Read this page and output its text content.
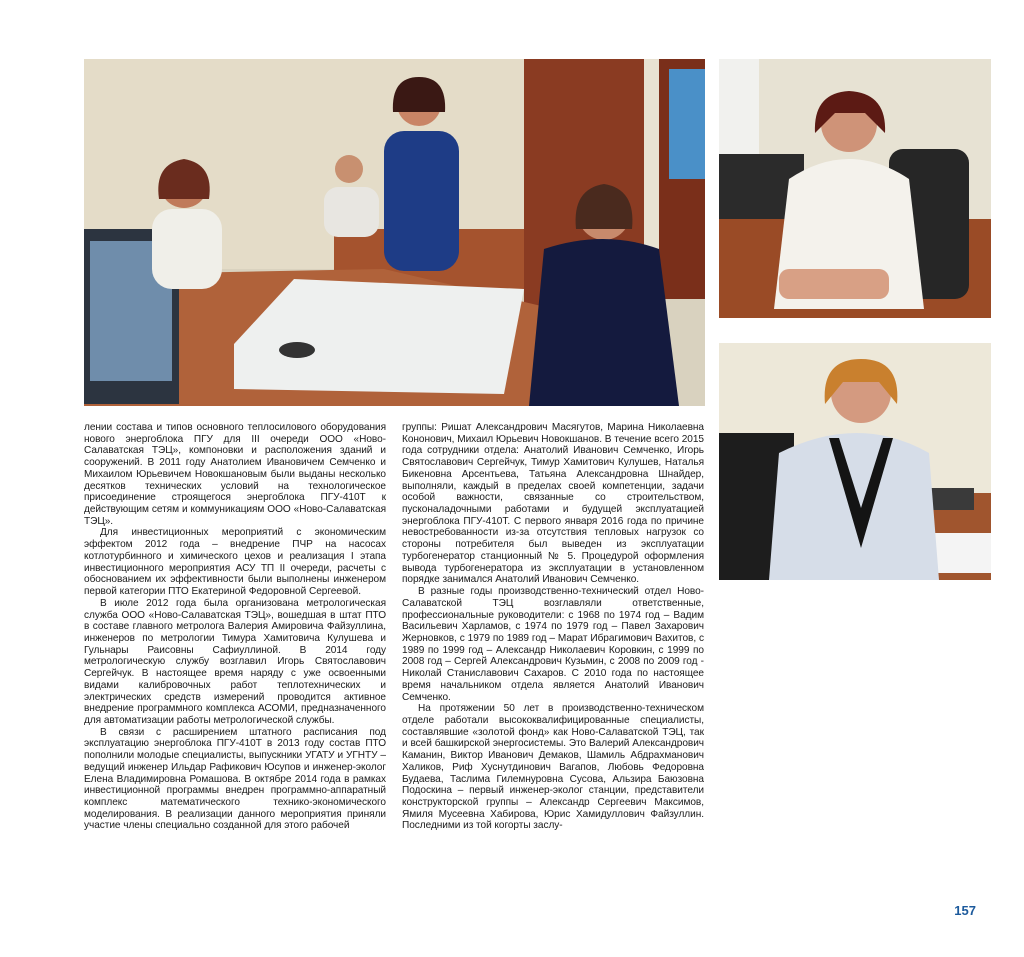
лении состава и типов основного теплосилового оборудования нового энергоблока ПГУ для III очереди ООО «Ново-Салаватская ТЭЦ», компоновки и расположения зданий и сооружений. В 2011 году Анатолием Ивановичем Семченко и Михаилом Юрьевичем Новокшановым были выданы несколько десятков технических условий на технологическое присоединение строящегося энергоблока ПГУ-410Т к действующим сетям и коммуникациям ООО «Ново-Салаватская ТЭЦ».

Для инвестиционных мероприятий с экономическим эффектом 2012 года – внедрение ПЧР на насосах котлотурбинного и химического цехов и реализация I этапа инвестиционного мероприятия АСУ ТП II очереди, расчеты с обоснованием их эффективности были выполнены инженером первой категории ПТО Екатериной Федоровной Сергеевой.

В июле 2012 года была организована метрологическая служба ООО «Ново-Салаватская ТЭЦ», вошедшая в штат ПТО в составе главного метролога Валерия Амировича Файзуллина, инженеров по метрологии Тимура Хамитовича Кулушева и Гульнары Раисовны Сафиуллиной. В 2014 году метрологическую службу возглавил Игорь Святославович Сергейчук. В настоящее время наряду с уже освоенными видами калибровочных работ теплотехнических и электрических средств измерений проводится активное внедрение программного комплекса АСОМИ, предназначенного для автоматизации работы метрологической службы.

В связи с расширением штатного расписания под эксплуатацию энергоблока ПГУ-410Т в 2013 году состав ПТО пополнили молодые специалисты, выпускники УГАТУ и УГНТУ – ведущий инженер Ильдар Рафикович Юсупов и инженер-эколог Елена Владимировна Ромашова. В октябре 2014 года в рамках инвестиционной программы внедрен программно-аппаратный комплекс математического технико-экономического моделирования. В реализации данного мероприятия приняли участие члены специально созданной для этого рабочей

группы: Ришат Александрович Масягутов, Марина Николаевна Кононович, Михаил Юрьевич Новокшанов. В течение всего 2015 года сотрудники отдела: Анатолий Иванович Семченко, Игорь Святославович Сергейчук, Тимур Хамитович Кулушев, Наталья Бикеновна Арсентьева, Татьяна Александровна Шнайдер, выполняли, каждый в пределах своей компетенции, задачи особой важности, связанные со строительством, пусконаладочными работами и будущей эксплуатацией энергоблока ПГУ-410Т. С первого января 2016 года по причине невостребованности из-за отсутствия тепловых нагрузок со стороны потребителя был выведен из эксплуатации турбогенератор станционный № 5. Процедурой оформления вывода турбогенератора из эксплуатации в установленном порядке занимался Анатолий Иванович Семченко.

В разные годы производственно-технический отдел Ново-Салаватской ТЭЦ возглавляли ответственные, профессиональные руководители: с 1968 по 1974 год – Вадим Васильевич Харламов, с 1974 по 1979 год – Павел Захарович Жерновков, с 1979 по 1989 год – Марат Ибрагимович Вахитов, с 1989 по 1999 год – Александр Николаевич Коровкин, с 1999 по 2008 год – Сергей Александрович Кузьмин, с 2008 по 2009 год - Николай Станиславович Сахаров. С 2010 года по настоящее время начальником отдела является Анатолий Иванович Семченко.

На протяжении 50 лет в производственно-техническом отделе работали высококвалифицированные специалисты, составлявшие «золотой фонд» как Ново-Салаватской ТЭЦ, так и всей башкирской энергосистемы. Это Валерий Александрович Каманин, Виктор Иванович Демаков, Шамиль Абдрахманович Халиков, Риф Хуснутдинович Вагапов, Любовь Федоровна Будаева, Таслима Гилемнуровна Сусова, Альзира Баюзовна Подоскина – первый инженер-эколог станции, представители конструкторской группы – Александр Сергеевич Максимов, Ямиля Мусеевна Хабирова, Юрис Хамидуллович Файзуллин. Последними из той когорты заслу-

157
